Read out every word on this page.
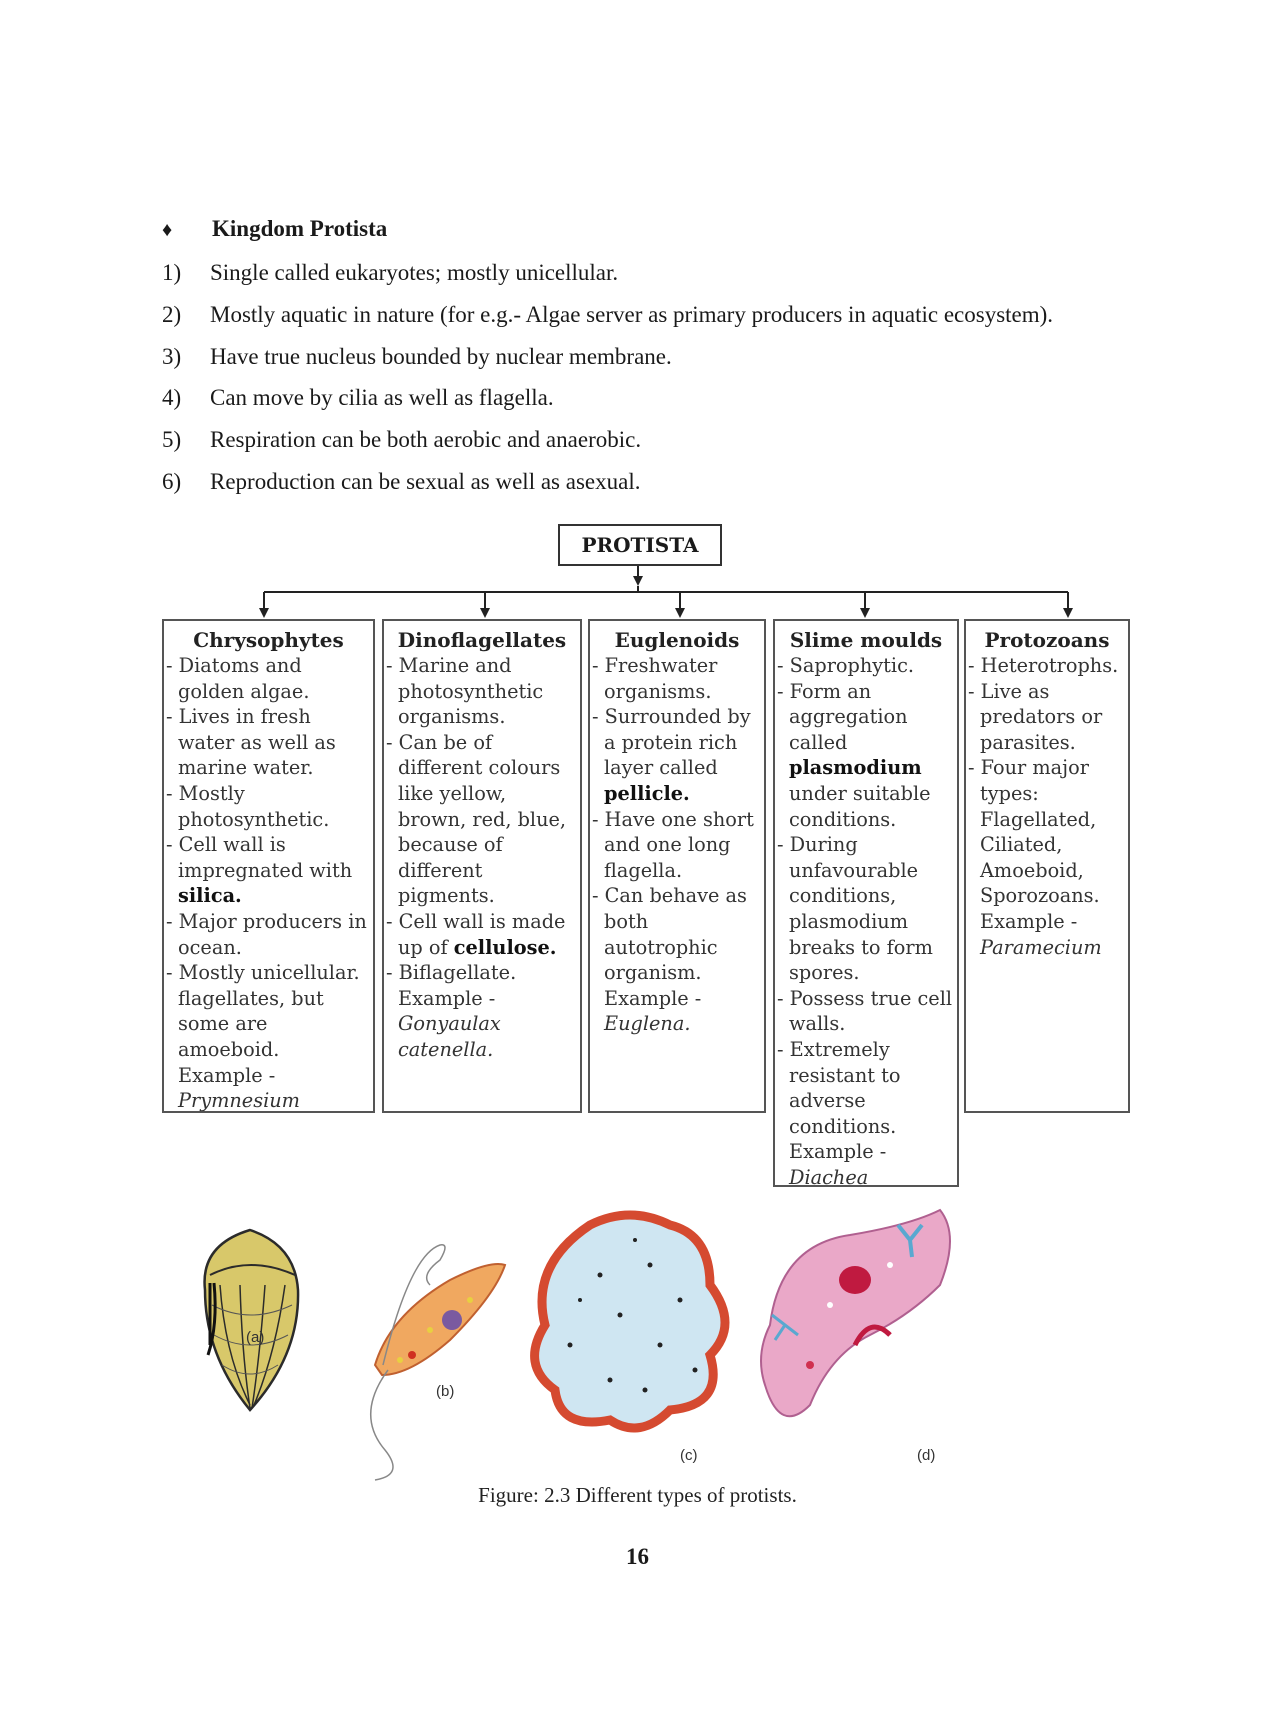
♦ Kingdom Protista
1) Single called eukaryotes; mostly unicellular.
2) Mostly aquatic in nature (for e.g.- Algae server as primary producers in aquatic ecosystem).
3) Have true nucleus bounded by nuclear membrane.
4) Can move by cilia as well as flagella.
5) Respiration can be both aerobic and anaerobic.
6) Reproduction can be sexual as well as asexual.
PROTISTA
Chrysophytes
- Diatoms and golden algae.
- Lives in fresh water as well as marine water.
- Mostly photosynthetic.
- Cell wall is impregnated with silica.
- Major producers in ocean.
- Mostly unicellular. flagellates, but some are amoeboid.
Example -
Prymnesium
Dinoflagellates
- Marine and photosynthetic organisms.
- Can be of different colours like yellow, brown, red, blue, because of different pigments.
- Cell wall is made up of cellulose.
- Biflagellate.
Example -
Gonyaulax catenella.
Euglenoids
- Freshwater organisms.
- Surrounded by a protein rich layer called pellicle.
- Have one short and one long flagella.
- Can behave as both autotrophic organism.
Example -
Euglena.
Slime moulds
- Saprophytic.
- Form an aggregation called plasmodium under suitable conditions.
- During unfavourable conditions, plasmodium breaks to form spores.
- Possess true cell walls.
- Extremely resistant to adverse conditions.
Example -
Diachea
Protozoans
- Heterotrophs.
- Live as predators or parasites.
- Four major types: Flagellated, Ciliated, Amoeboid, Sporozoans.
Example -
Paramecium
(a)
(b)
(c)	(d)
Figure: 2.3 Different types of protists.
16
